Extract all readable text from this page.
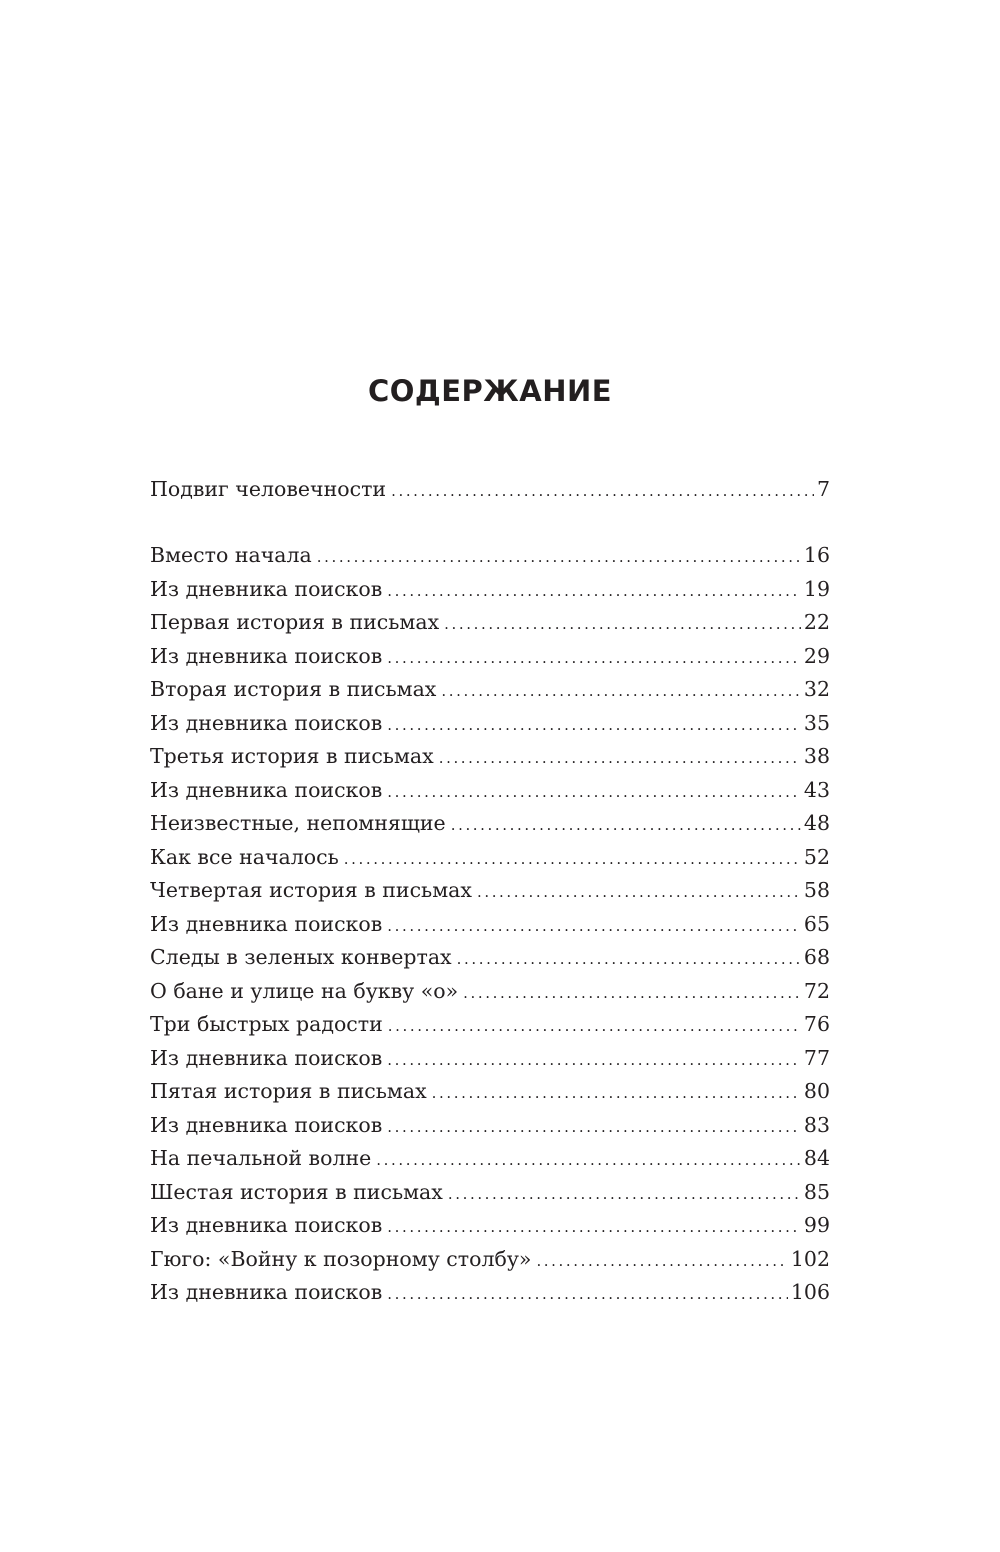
СОДЕРЖАНИЕ
Подвиг человечности .....	7
Вместо начала .....	16
Из дневника поисков .....	19
Первая история в письмах .....	22
Из дневника поисков .....	29
Вторая история в письмах .....	32
Из дневника поисков .....	35
Третья история в письмах .....	38
Из дневника поисков .....	43
Неизвестные, непомнящие .....	48
Как все началось .....	52
Четвертая история в письмах .....	58
Из дневника поисков .....	65
Следы в зеленых конвертах .....	68
О бане и улице на букву «о» .....	72
Три быстрых радости .....	76
Из дневника поисков .....	77
Пятая история в письмах .....	80
Из дневника поисков .....	83
На печальной волне .....	84
Шестая история в письмах .....	85
Из дневника поисков .....	99
Гюго: «Войну к позорному столбу» .....	102
Из дневника поисков .....	106
